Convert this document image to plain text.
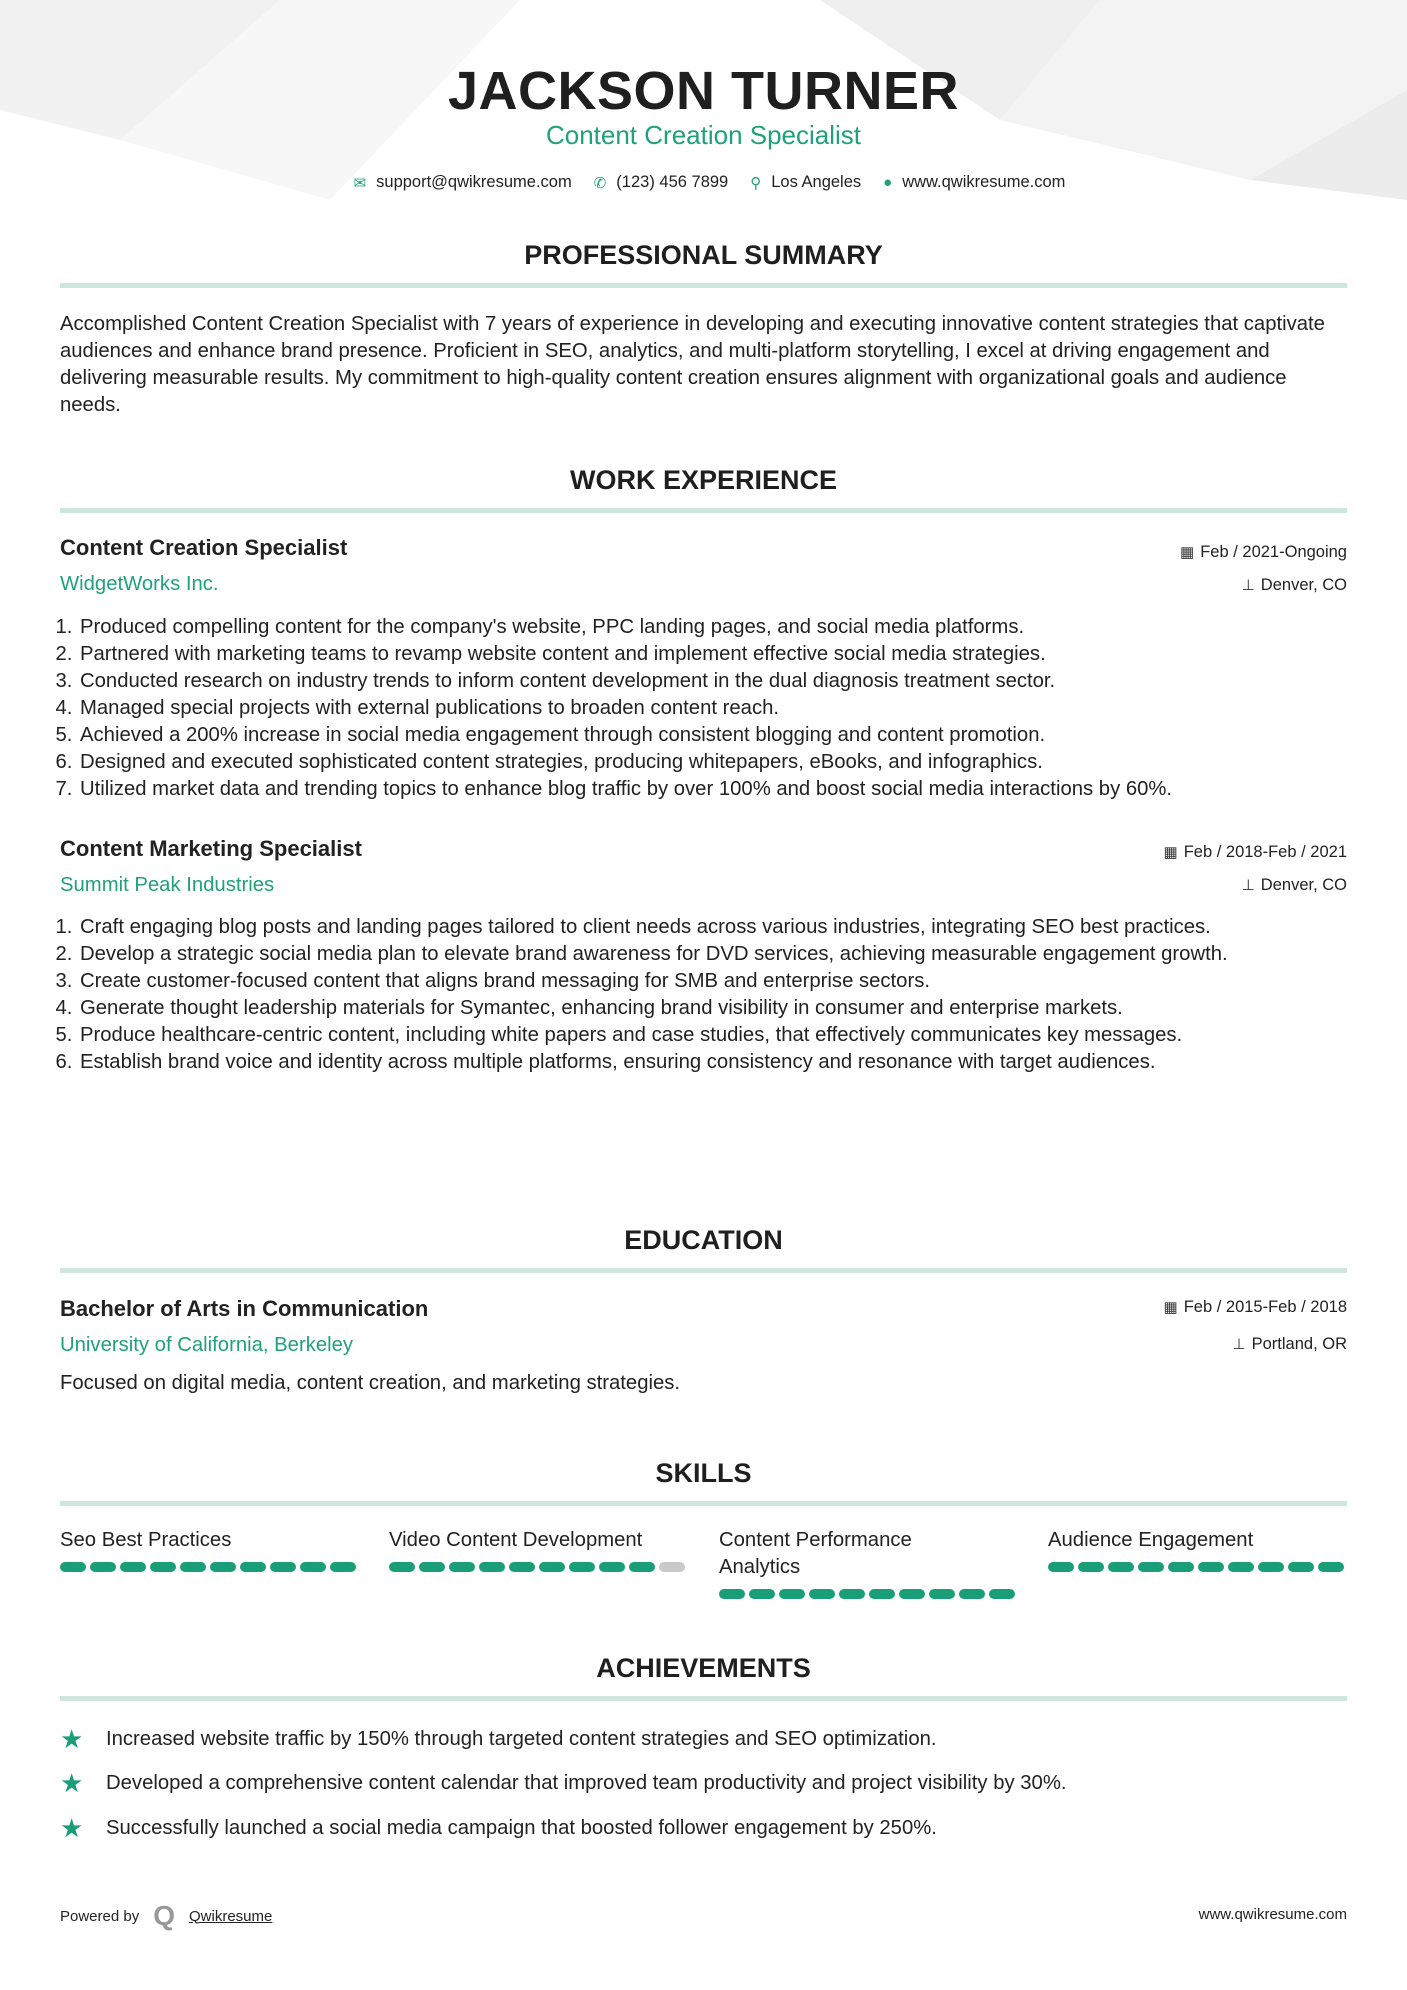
JACKSON TURNER
Content Creation Specialist
✉ support@qwikresume.com ✆ (123) 456 7899 ⚲ Los Angeles ● www.qwikresume.com
PROFESSIONAL SUMMARY
Accomplished Content Creation Specialist with 7 years of experience in developing and executing innovative content strategies that captivate audiences and enhance brand presence. Proficient in SEO, analytics, and multi-platform storytelling, I excel at driving engagement and delivering measurable results. My commitment to high-quality content creation ensures alignment with organizational goals and audience needs.
WORK EXPERIENCE
Content Creation Specialist
WidgetWorks Inc.
▦ Feb / 2021-Ongoing
⊥ Denver, CO
1. Produced compelling content for the company's website, PPC landing pages, and social media platforms.
2. Partnered with marketing teams to revamp website content and implement effective social media strategies.
3. Conducted research on industry trends to inform content development in the dual diagnosis treatment sector.
4. Managed special projects with external publications to broaden content reach.
5. Achieved a 200% increase in social media engagement through consistent blogging and content promotion.
6. Designed and executed sophisticated content strategies, producing whitepapers, eBooks, and infographics.
7. Utilized market data and trending topics to enhance blog traffic by over 100% and boost social media interactions by 60%.
Content Marketing Specialist
Summit Peak Industries
▦ Feb / 2018-Feb / 2021
⊥ Denver, CO
1. Craft engaging blog posts and landing pages tailored to client needs across various industries, integrating SEO best practices.
2. Develop a strategic social media plan to elevate brand awareness for DVD services, achieving measurable engagement growth.
3. Create customer-focused content that aligns brand messaging for SMB and enterprise sectors.
4. Generate thought leadership materials for Symantec, enhancing brand visibility in consumer and enterprise markets.
5. Produce healthcare-centric content, including white papers and case studies, that effectively communicates key messages.
6. Establish brand voice and identity across multiple platforms, ensuring consistency and resonance with target audiences.
EDUCATION
Bachelor of Arts in Communication
University of California, Berkeley
▦ Feb / 2015-Feb / 2018
⊥ Portland, OR
Focused on digital media, content creation, and marketing strategies.
SKILLS
Seo Best Practices	Video Content Development	Content Performance Analytics
Audience Engagement
ACHIEVEMENTS
★	Increased website traffic by 150% through targeted content strategies and SEO optimization.
★	Developed a comprehensive content calendar that improved team productivity and project visibility by 30%.
★	Successfully launched a social media campaign that boosted follower engagement by 250%.
Powered by Q Qwikresume	www.qwikresume.com
